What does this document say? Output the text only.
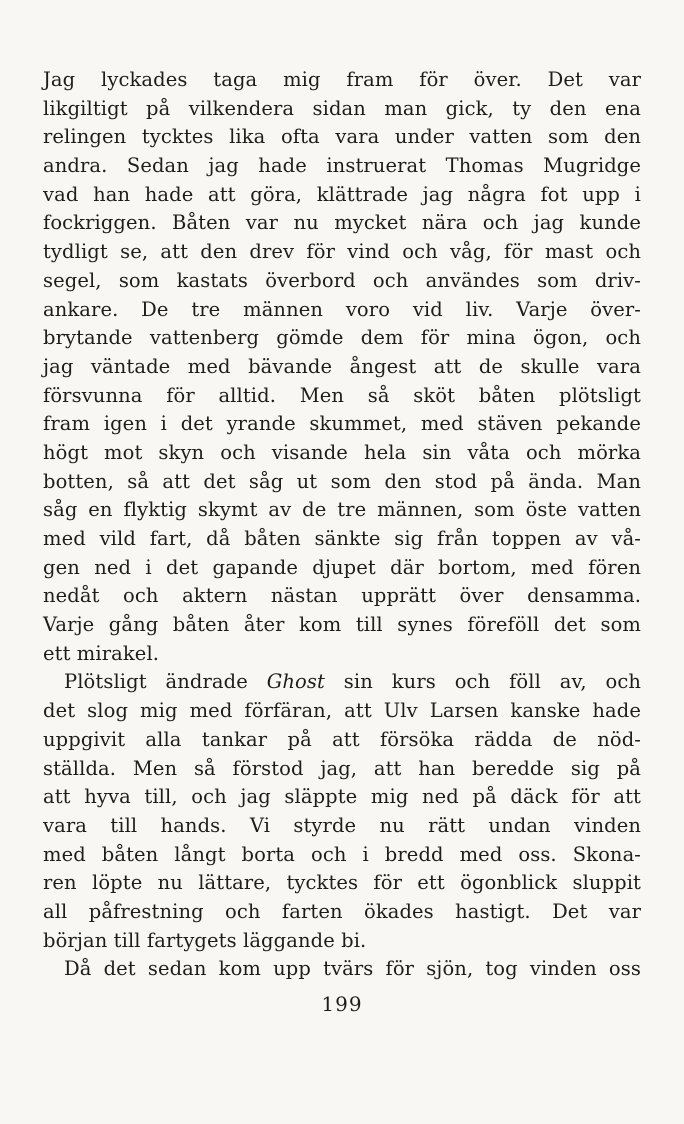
Jag lyckades taga mig fram för över. Det var
likgiltigt på vilkendera sidan man gick, ty den ena
relingen tycktes lika ofta vara under vatten som den
andra. Sedan jag hade instruerat Thomas Mugridge
vad han hade att göra, klättrade jag några fot upp i
fockriggen. Båten var nu mycket nära och jag kunde
tydligt se, att den drev för vind och våg, för mast och
segel, som kastats överbord och användes som driv-
ankare. De tre männen voro vid liv. Varje över-
brytande vattenberg gömde dem för mina ögon, och
jag väntade med bävande ångest att de skulle vara
försvunna för alltid. Men så sköt båten plötsligt
fram igen i det yrande skummet, med stäven pekande
högt mot skyn och visande hela sin våta och mörka
botten, så att det såg ut som den stod på ända. Man
såg en flyktig skymt av de tre männen, som öste vatten
med vild fart, då båten sänkte sig från toppen av vå-
gen ned i det gapande djupet där bortom, med fören
nedåt och aktern nästan upprätt över densamma.
Varje gång båten åter kom till synes föreföll det som
ett mirakel.
Plötsligt ändrade Ghost sin kurs och föll av, och
det slog mig med förfäran, att Ulv Larsen kanske hade
uppgivit alla tankar på att försöka rädda de nöd-
ställda. Men så förstod jag, att han beredde sig på
att hyva till, och jag släppte mig ned på däck för att
vara till hands. Vi styrde nu rätt undan vinden
med båten långt borta och i bredd med oss. Skona-
ren löpte nu lättare, tycktes för ett ögonblick sluppit
all påfrestning och farten ökades hastigt. Det var
början till fartygets läggande bi.
Då det sedan kom upp tvärs för sjön, tog vinden oss
199
